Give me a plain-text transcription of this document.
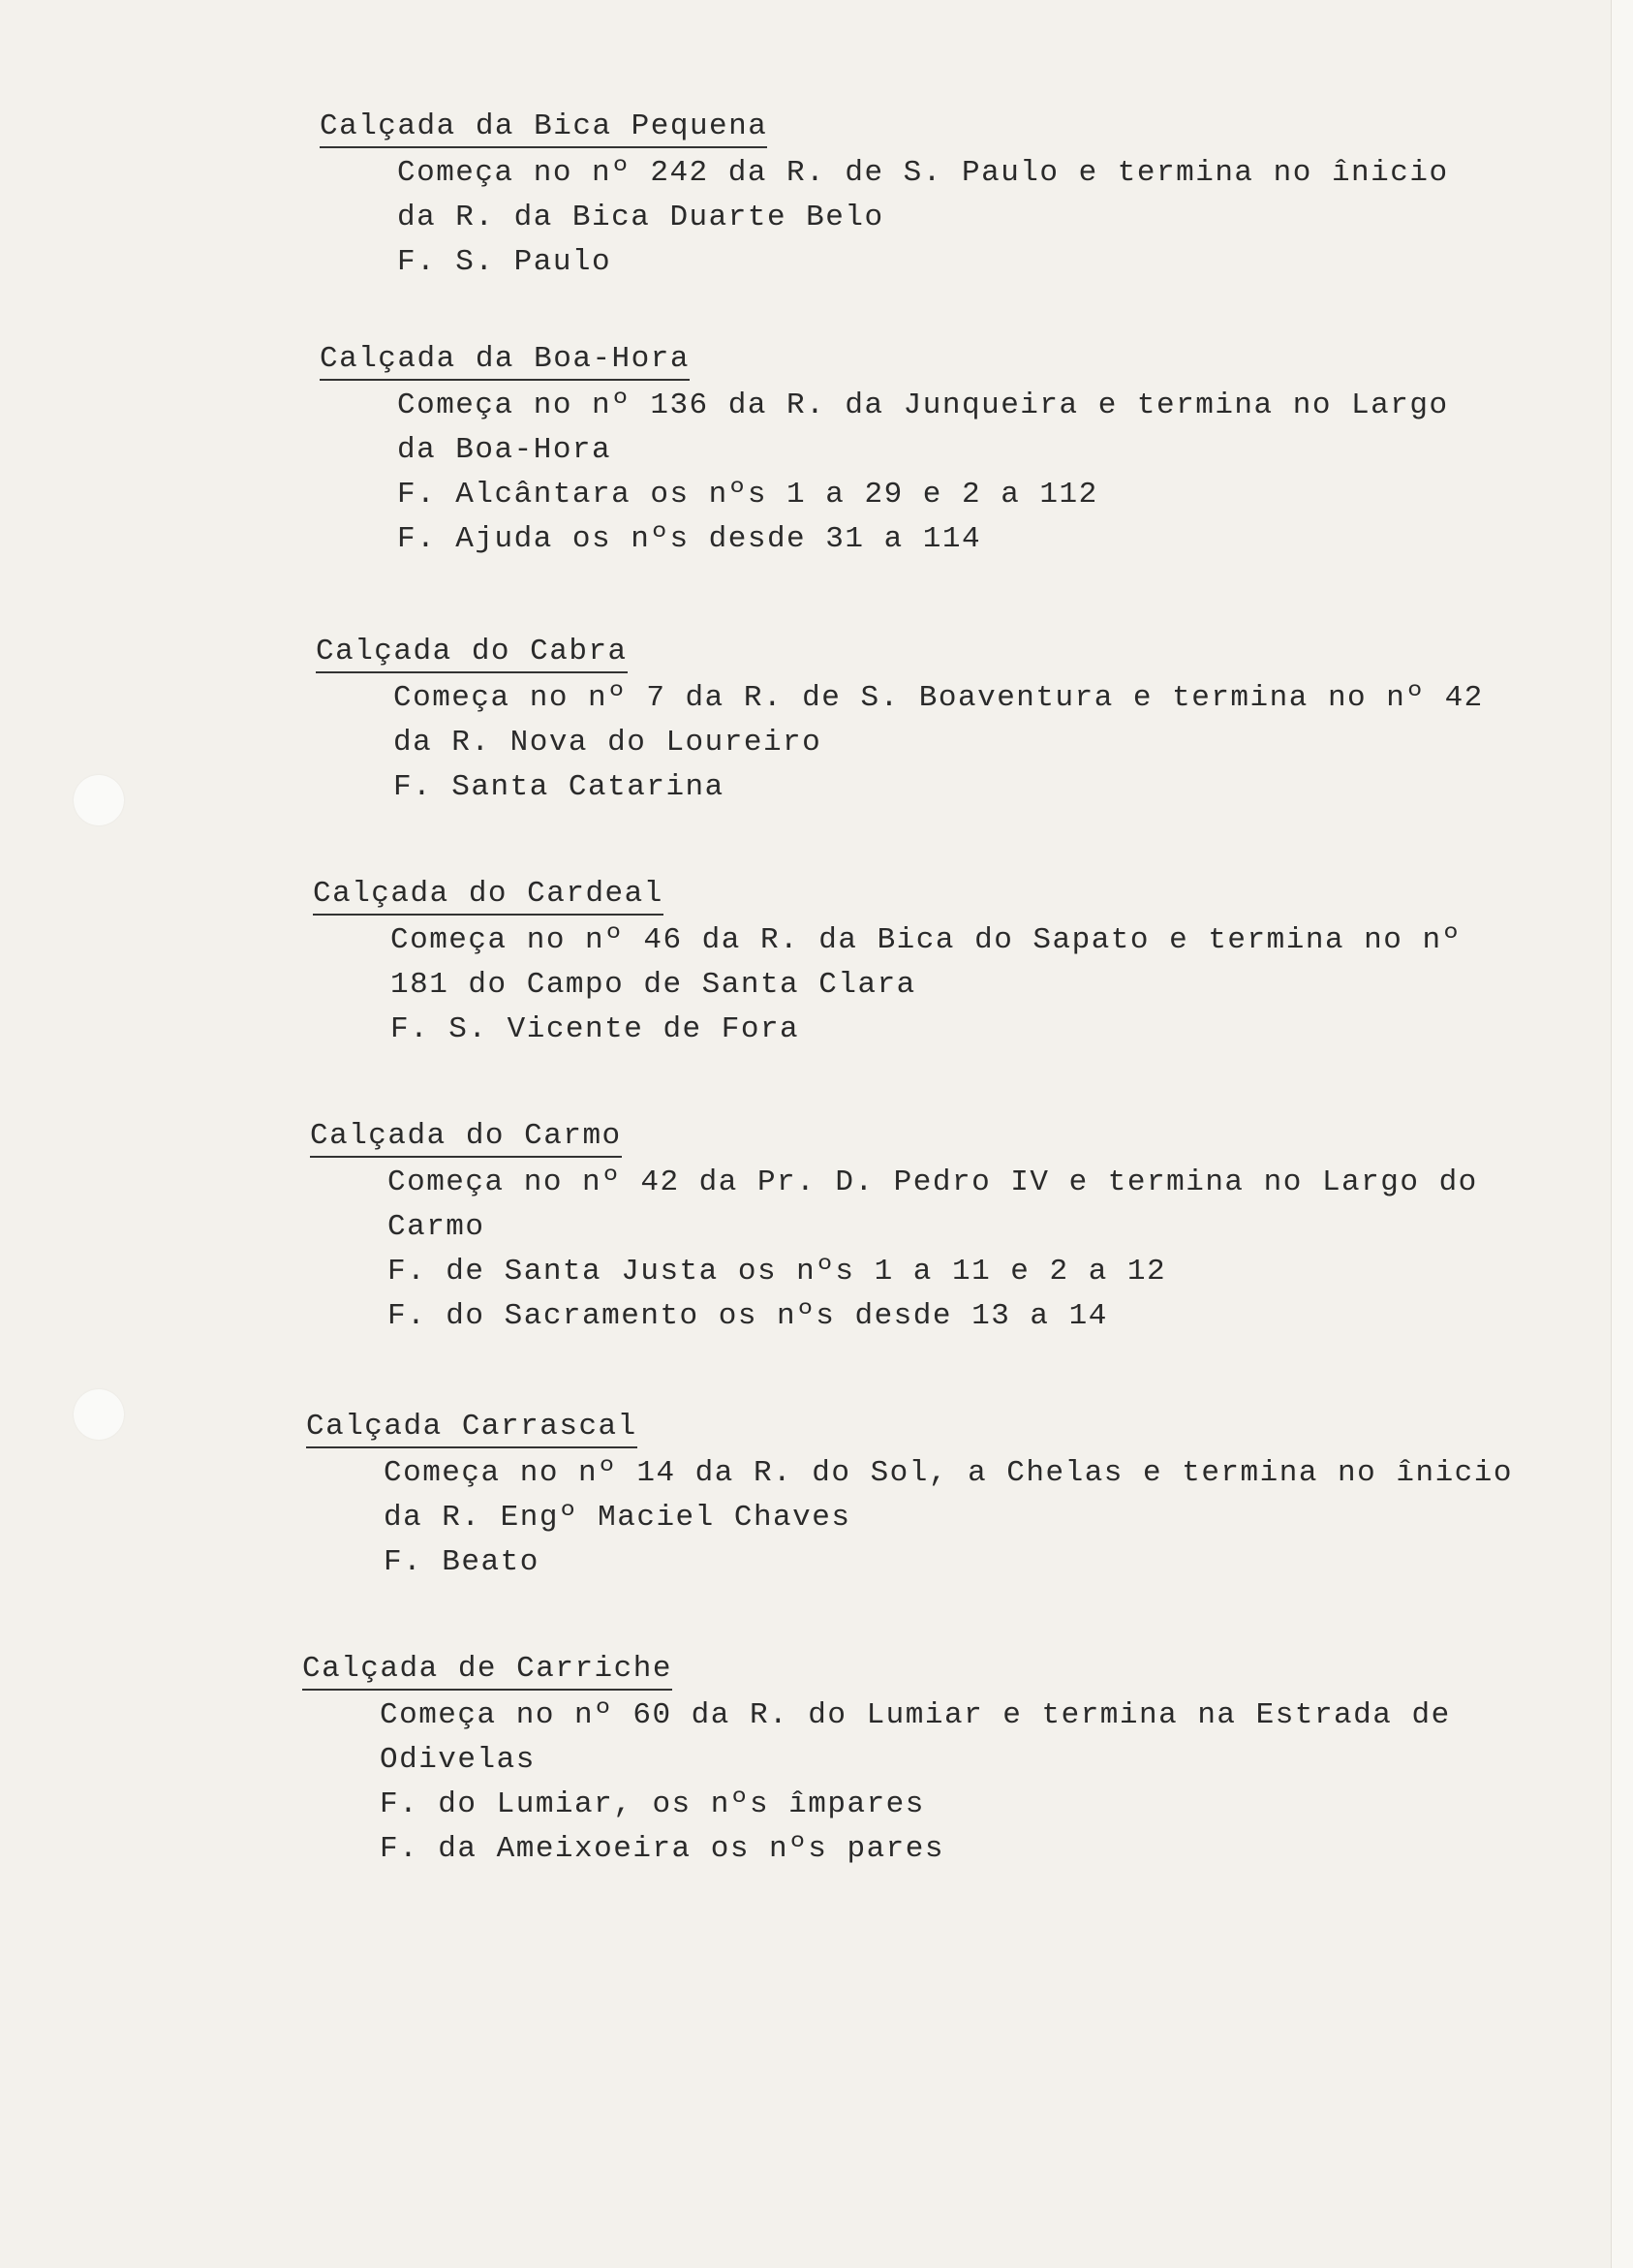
Calçada da Bica Pequena
Começa no nº 242 da R. de S. Paulo e termina no înicio
da R. da Bica Duarte Belo
F. S. Paulo
Calçada da Boa-Hora
Começa no nº 136 da R. da Junqueira e termina no Largo
da Boa-Hora
F. Alcântara os nºs 1 a 29 e 2 a 112
F. Ajuda os nºs desde 31 a 114
Calçada do Cabra
Começa no nº 7 da R. de S. Boaventura e termina no nº 42
da R. Nova do Loureiro
F. Santa Catarina
Calçada do Cardeal
Começa no nº 46 da R. da Bica do Sapato e termina no nº
181 do Campo de Santa Clara
F. S. Vicente de Fora
Calçada do Carmo
Começa no nº 42 da Pr. D. Pedro IV e termina no Largo do
Carmo
F. de Santa Justa os nºs 1 a 11 e 2 a 12
F. do Sacramento os nºs desde 13 a 14
Calçada Carrascal
Começa no nº 14 da R. do Sol, a Chelas e termina no înicio
da R. Engº Maciel Chaves
F. Beato
Calçada de Carriche
Começa no nº 60 da R. do Lumiar e termina na Estrada de
Odivelas
F. do Lumiar, os nºs împares
F. da Ameixoeira os nºs pares
